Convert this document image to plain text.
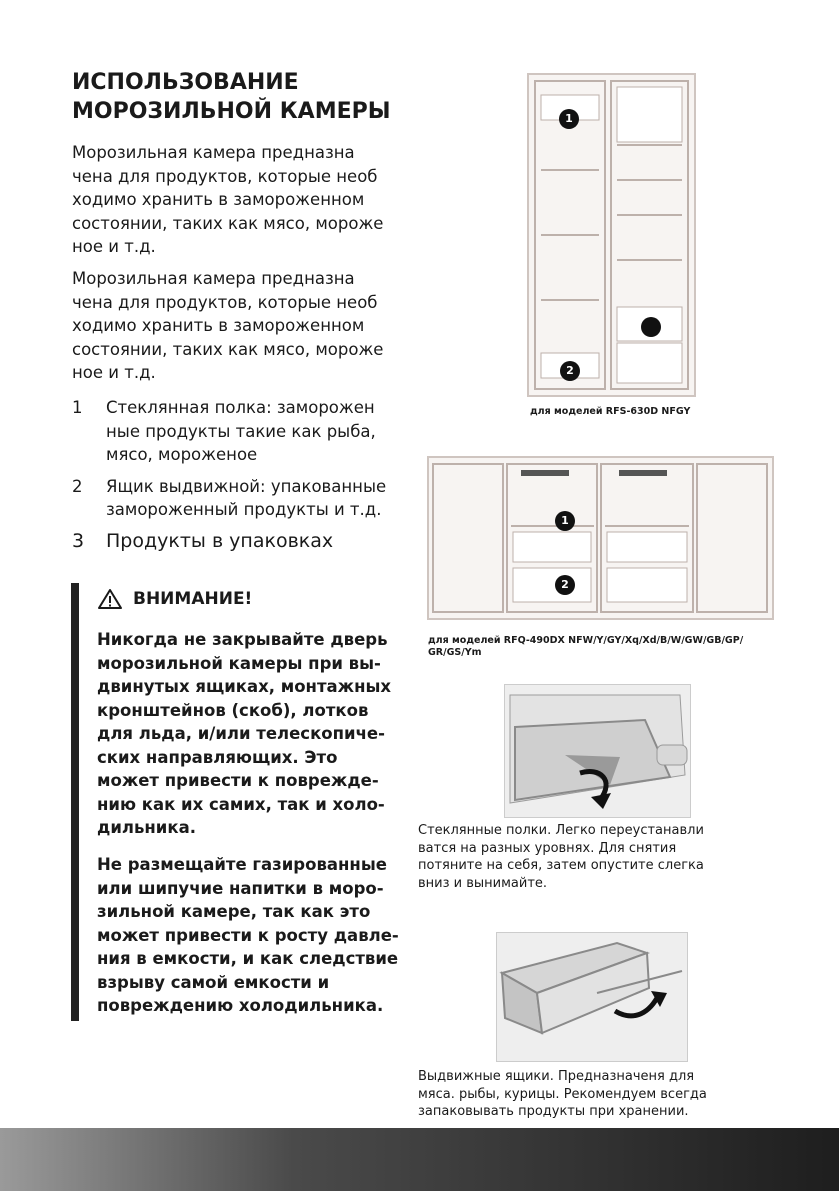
ИСПОЛЬЗОВАНИЕ
МОРОЗИЛЬНОЙ КАМЕРЫ
Морозильная камера предназна
чена для продуктов, которые необ
ходимо хранить в замороженном
состоянии, таких как мясо, мороже
ное и т.д.
Морозильная камера предназна
чена для продуктов, которые необ
ходимо хранить в замороженном
состоянии, таких как мясо, мороже
ное и т.д.
1	Стеклянная полка: заморожен
ные продукты такие как рыба,
мясо, мороженое
2	Ящик выдвижной: упакованные
замороженный продукты и т.д.
3	Продукты в упаковках
ВНИМАНИЕ!
Никогда не закрывайте дверь
морозильной камеры при вы-
двинутых ящиках, монтажных
кронштейнов (скоб), лотков
для льда, и/или телескопиче-
ских направляющих. Это
может привести к поврежде-
нию как их самих, так и холо-
дильника.
Не размещайте газированные
или шипучие напитки в моро-
зильной камере, так как это
может привести к росту давле-
ния в емкости, и как следствие
взрыву самой емкости и
повреждению холодильника.
1
2
для моделей RFS-630D NFGY
1
2
для моделей RFQ-490DX NFW/Y/GY/Xq/Xd/B/W/GW/GB/GP/
GR/GS/Ym
Стеклянные полки. Легко переустанавли
ватся на разных уровнях. Для снятия
потяните на себя, затем опустите слегка
вниз и вынимайте.
Выдвижные ящики. Предназначеня для
мяса. рыбы, курицы. Рекомендуем всегда
запаковывать продукты при хранении.
